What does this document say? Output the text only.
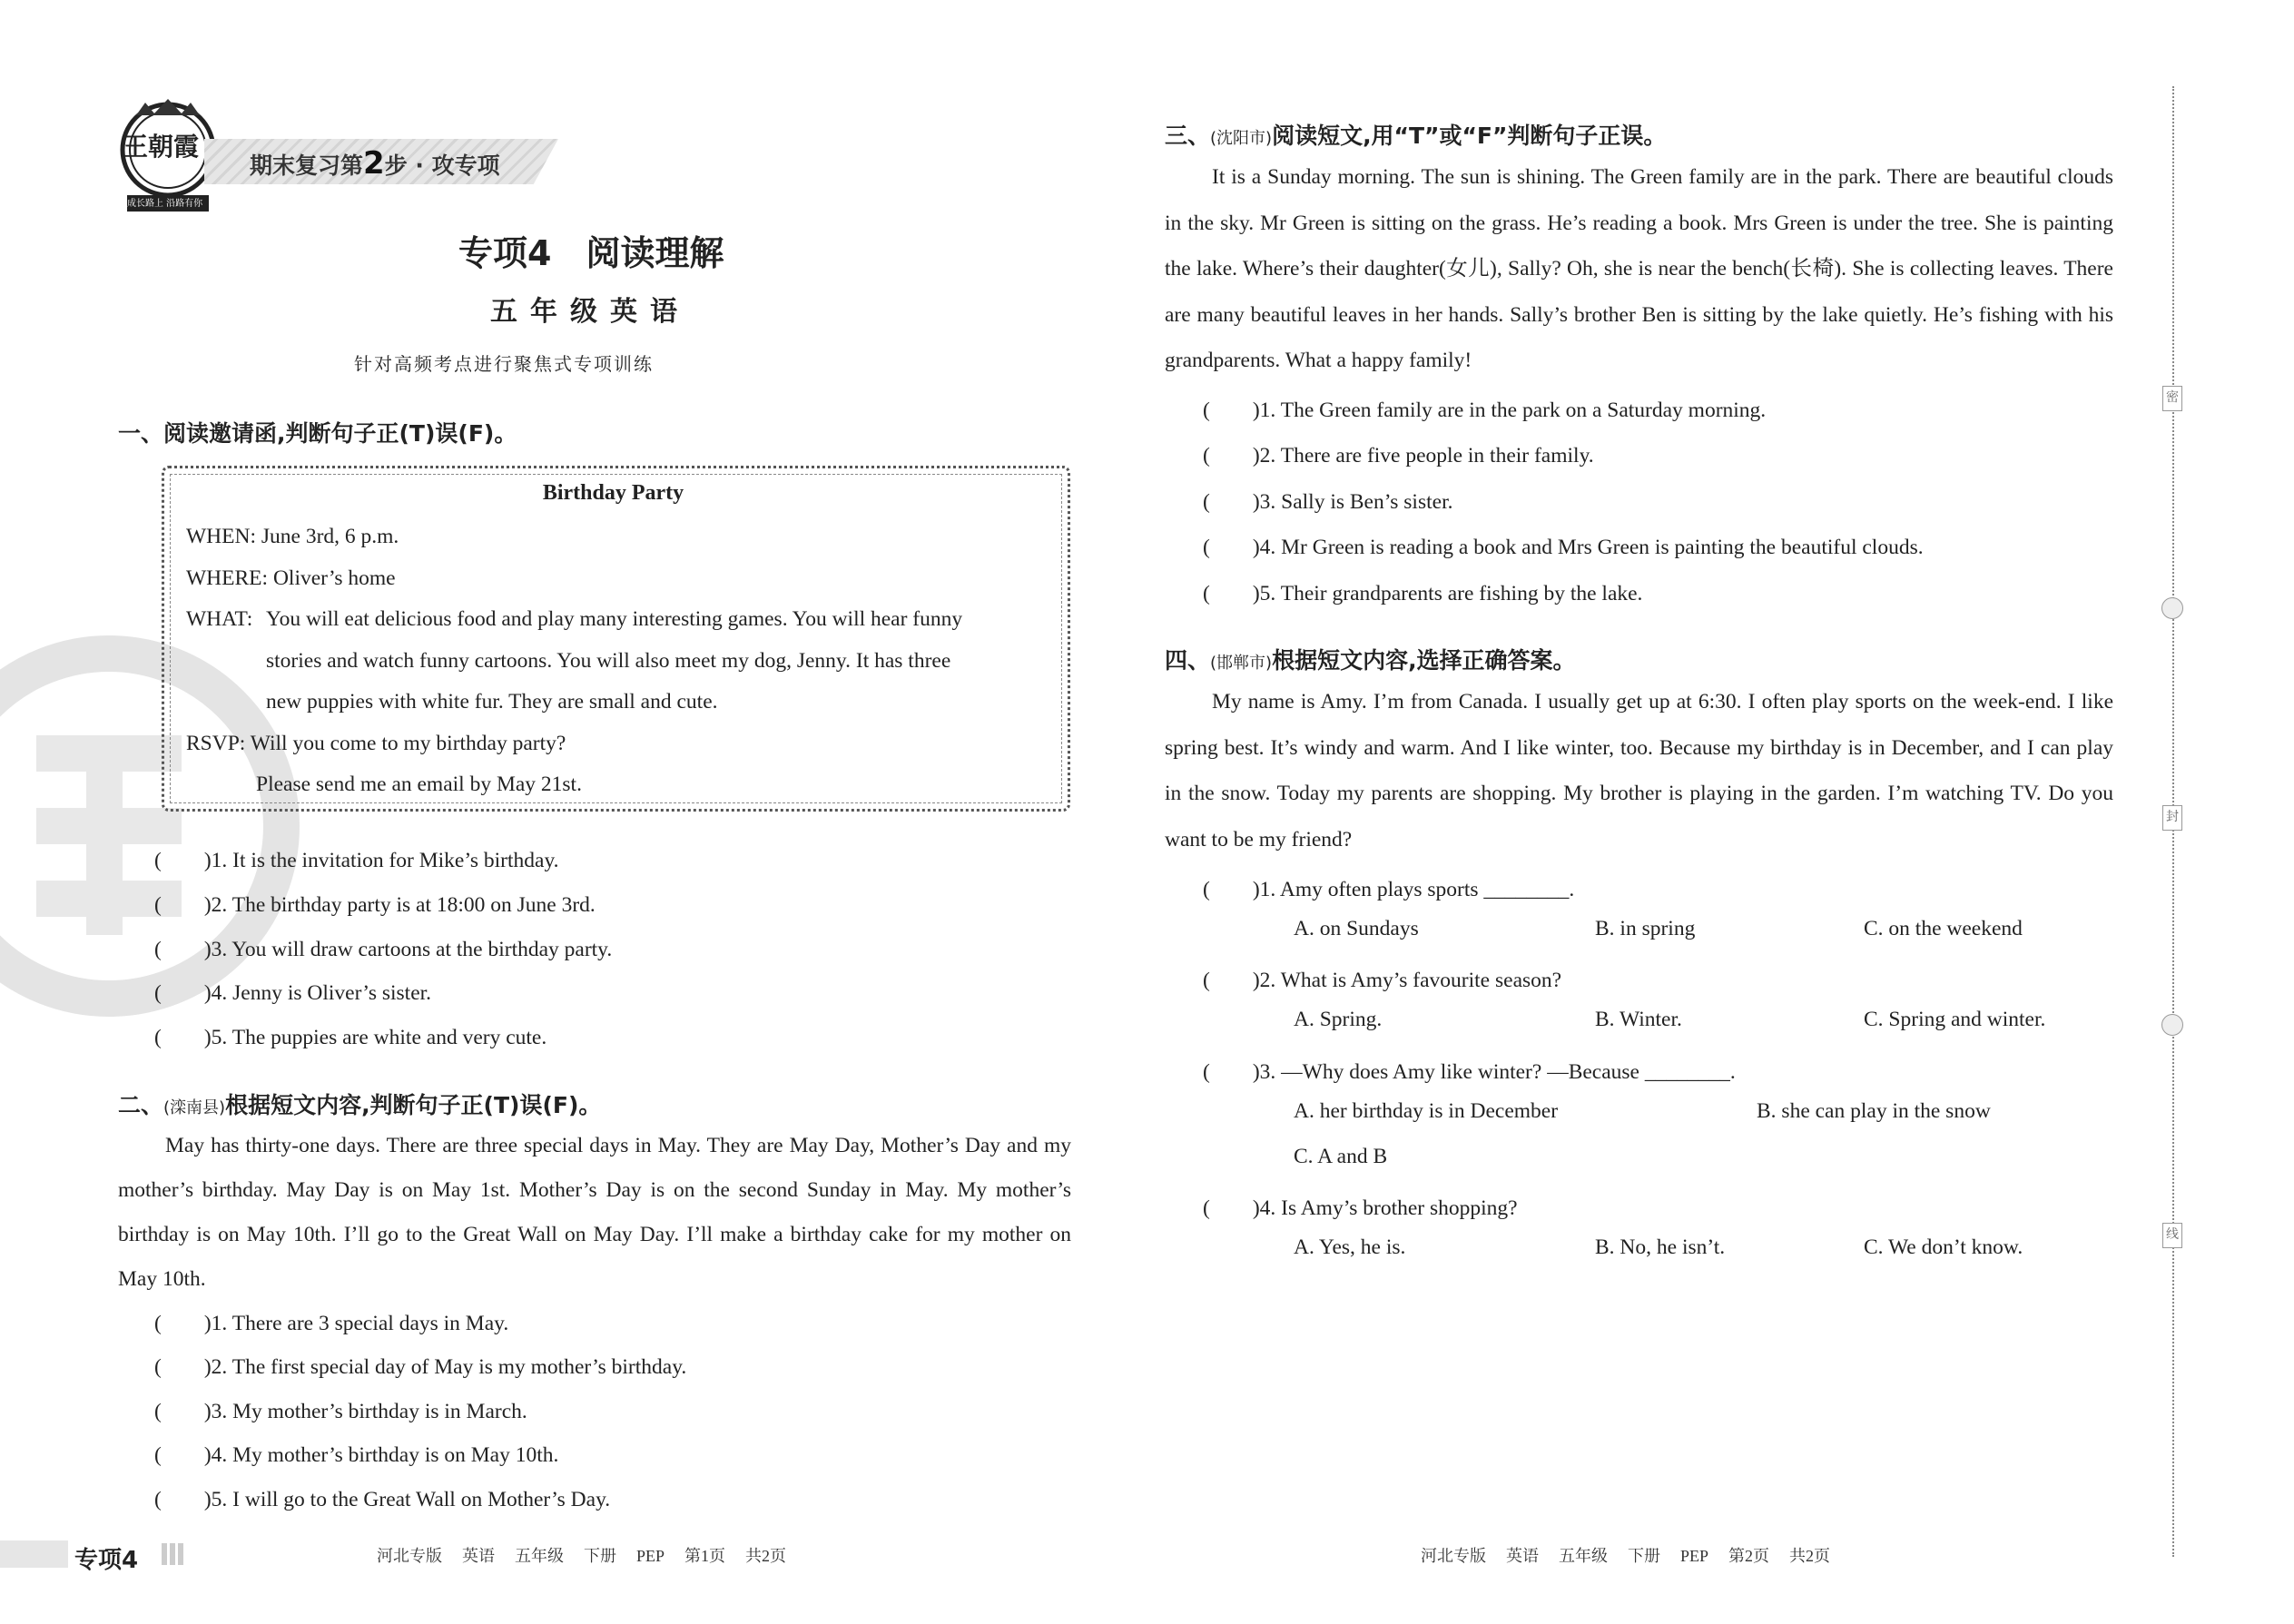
王朝霞
成长路上 沿路有你
期末复习第2步 · 攻专项
专项4　阅读理解
五年级英语
针对高频考点进行聚焦式专项训练
一、阅读邀请函,判断句子正(T)误(F)。
Birthday Party
WHEN: June 3rd, 6 p.m.
WHERE: Oliver’s home
WHAT: You will eat delicious food and play many interesting games. You will hear funny
stories and watch funny cartoons. You will also meet my dog, Jenny. It has three
new puppies with white fur. They are small and cute.
RSVP: Will you come to my birthday party?
Please send me an email by May 21st.
(　　)1. It is the invitation for Mike’s birthday.
(　　)2. The birthday party is at 18:00 on June 3rd.
(　　)3. You will draw cartoons at the birthday party.
(　　)4. Jenny is Oliver’s sister.
(　　)5. The puppies are white and very cute.
二、(滦南县)根据短文内容,判断句子正(T)误(F)。
May has thirty-one days. There are three special days in May. They are May Day, Mother’s Day and my mother’s birthday. May Day is on May 1st. Mother’s Day is on the second Sunday in May. My mother’s birthday is on May 10th. I’ll go to the Great Wall on May Day. I’ll make a birthday cake for my mother on May 10th.
(　　)1. There are 3 special days in May.
(　　)2. The first special day of May is my mother’s birthday.
(　　)3. My mother’s birthday is in March.
(　　)4. My mother’s birthday is on May 10th.
(　　)5. I will go to the Great Wall on Mother’s Day.
专项4	河北专版 英语 五年级 下册 PEP 第1页 共2页
三、(沈阳市)阅读短文,用“T”或“F”判断句子正误。
It is a Sunday morning. The sun is shining. The Green family are in the park. There are beautiful clouds in the sky. Mr Green is sitting on the grass. He’s reading a book. Mrs Green is under the tree. She is painting the lake. Where’s their daughter(女儿), Sally? Oh, she is near the bench(长椅). She is collecting leaves. There are many beautiful leaves in her hands. Sally’s brother Ben is sitting by the lake quietly. He’s fishing with his grandparents. What a happy family!
(　　)1. The Green family are in the park on a Saturday morning.
(　　)2. There are five people in their family.
(　　)3. Sally is Ben’s sister.
(　　)4. Mr Green is reading a book and Mrs Green is painting the beautiful clouds.
(　　)5. Their grandparents are fishing by the lake.
四、(邯郸市)根据短文内容,选择正确答案。
My name is Amy. I’m from Canada. I usually get up at 6:30. I often play sports on the week-end. I like spring best. It’s windy and warm. And I like winter, too. Because my birthday is in December, and I can play in the snow. Today my parents are shopping. My brother is playing in the garden. I’m watching TV. Do you want to be my friend?
(　　)1. Amy often plays sports ________.
A. on Sundays	B. in spring	C. on the weekend
(　　)2. What is Amy’s favourite season?
A. Spring.	B. Winter.	C. Spring and winter.
(　　)3. —Why does Amy like winter? —Because ________.
A. her birthday is in December	B. she can play in the snow
C. A and B
(　　)4. Is Amy’s brother shopping?
A. Yes, he is.	B. No, he isn’t.	C. We don’t know.
河北专版 英语 五年级 下册 PEP 第2页 共2页
密
封
线
